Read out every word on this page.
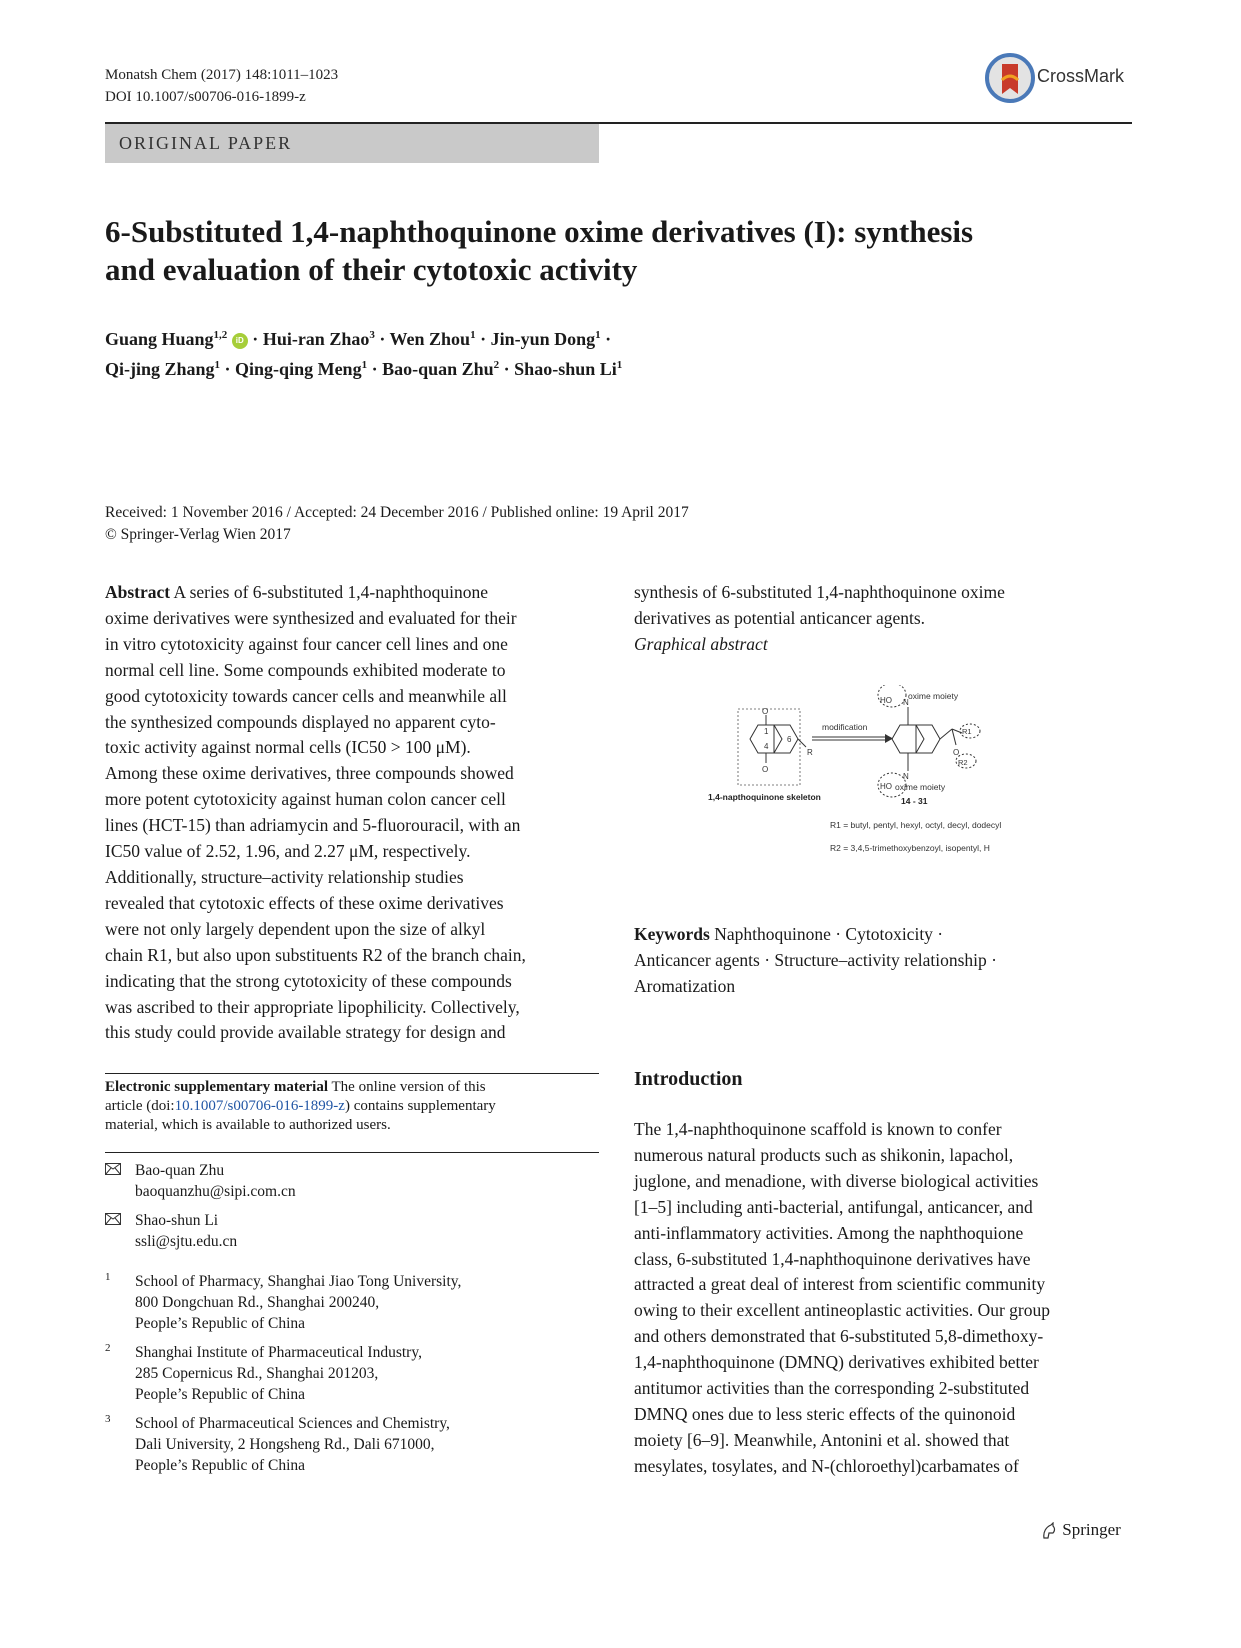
Monatsh Chem (2017) 148:1011–1023
DOI 10.1007/s00706-016-1899-z
CrossMark
ORIGINAL PAPER
6-Substituted 1,4-naphthoquinone oxime derivatives (I): synthesis
and evaluation of their cytotoxic activity
Guang Huang$^{1,2}$ iD · Hui-ran Zhao$^3$ · Wen Zhou$^1$ · Jin-yun Dong$^1$ ·
Qi-jing Zhang$^1$ · Qing-qing Meng$^1$ · Bao-quan Zhu$^2$ · Shao-shun Li$^1$
Received: 1 November 2016 / Accepted: 24 December 2016 / Published online: 19 April 2017
© Springer-Verlag Wien 2017

Abstract A series of 6-substituted 1,4-naphthoquinone

oxime derivatives were synthesized and evaluated for their

in vitro cytotoxicity against four cancer cell lines and one

normal cell line. Some compounds exhibited moderate to

good cytotoxicity towards cancer cells and meanwhile all

the synthesized compounds displayed no apparent cyto-

toxic activity against normal cells (IC50 > 100 μM).

Among these oxime derivatives, three compounds showed

more potent cytotoxicity against human colon cancer cell

lines (HCT-15) than adriamycin and 5-fluorouracil, with an

IC50 value of 2.52, 1.96, and 2.27 μM, respectively.

Additionally, structure–activity relationship studies

revealed that cytotoxic effects of these oxime derivatives

were not only largely dependent upon the size of alkyl

chain R1, but also upon substituents R2 of the branch chain,

indicating that the strong cytotoxicity of these compounds

was ascribed to their appropriate lipophilicity. Collectively,

this study could provide available strategy for design and

synthesis of 6-substituted 1,4-naphthoquinone oxime

derivatives as potential anticancer agents.

Graphical abstract

O
O
1
4
6
R
1,4-napthoquinone skeleton
modification
HO N
HO
N
O
R1
R2
oxime moiety
oxime moiety
14 - 31
R1 = butyl, pentyl, hexyl, octyl, decyl, dodecyl
R2 = 3,4,5-trimethoxybenzoyl, isopentyl, H

Keywords Naphthoquinone · Cytotoxicity ·

Anticancer agents · Structure–activity relationship ·

Aromatization

Introduction

The 1,4-naphthoquinone scaffold is known to confer

numerous natural products such as shikonin, lapachol,

juglone, and menadione, with diverse biological activities

[1–5] including anti-bacterial, antifungal, anticancer, and

anti-inflammatory activities. Among the naphthoquione

class, 6-substituted 1,4-naphthoquinone derivatives have

attracted a great deal of interest from scientific community

owing to their excellent antineoplastic activities. Our group

and others demonstrated that 6-substituted 5,8-dimethoxy-

1,4-naphthoquinone (DMNQ) derivatives exhibited better

antitumor activities than the corresponding 2-substituted

DMNQ ones due to less steric effects of the quinonoid

moiety [6–9]. Meanwhile, Antonini et al. showed that

mesylates, tosylates, and N-(chloroethyl)carbamates of

Electronic supplementary material The online version of this
article (doi:10.1007/s00706-016-1899-z) contains supplementary
material, which is available to authorized users.
Bao-quan Zhu
baoquanzhu@sipi.com.cn
Shao-shun Li
ssli@sjtu.edu.cn
1 School of Pharmacy, Shanghai Jiao Tong University,
800 Dongchuan Rd., Shanghai 200240,
People’s Republic of China
2 Shanghai Institute of Pharmaceutical Industry,
285 Copernicus Rd., Shanghai 201203,
People’s Republic of China
3 School of Pharmaceutical Sciences and Chemistry,
Dali University, 2 Hongsheng Rd., Dali 671000,
People’s Republic of China
Springer
